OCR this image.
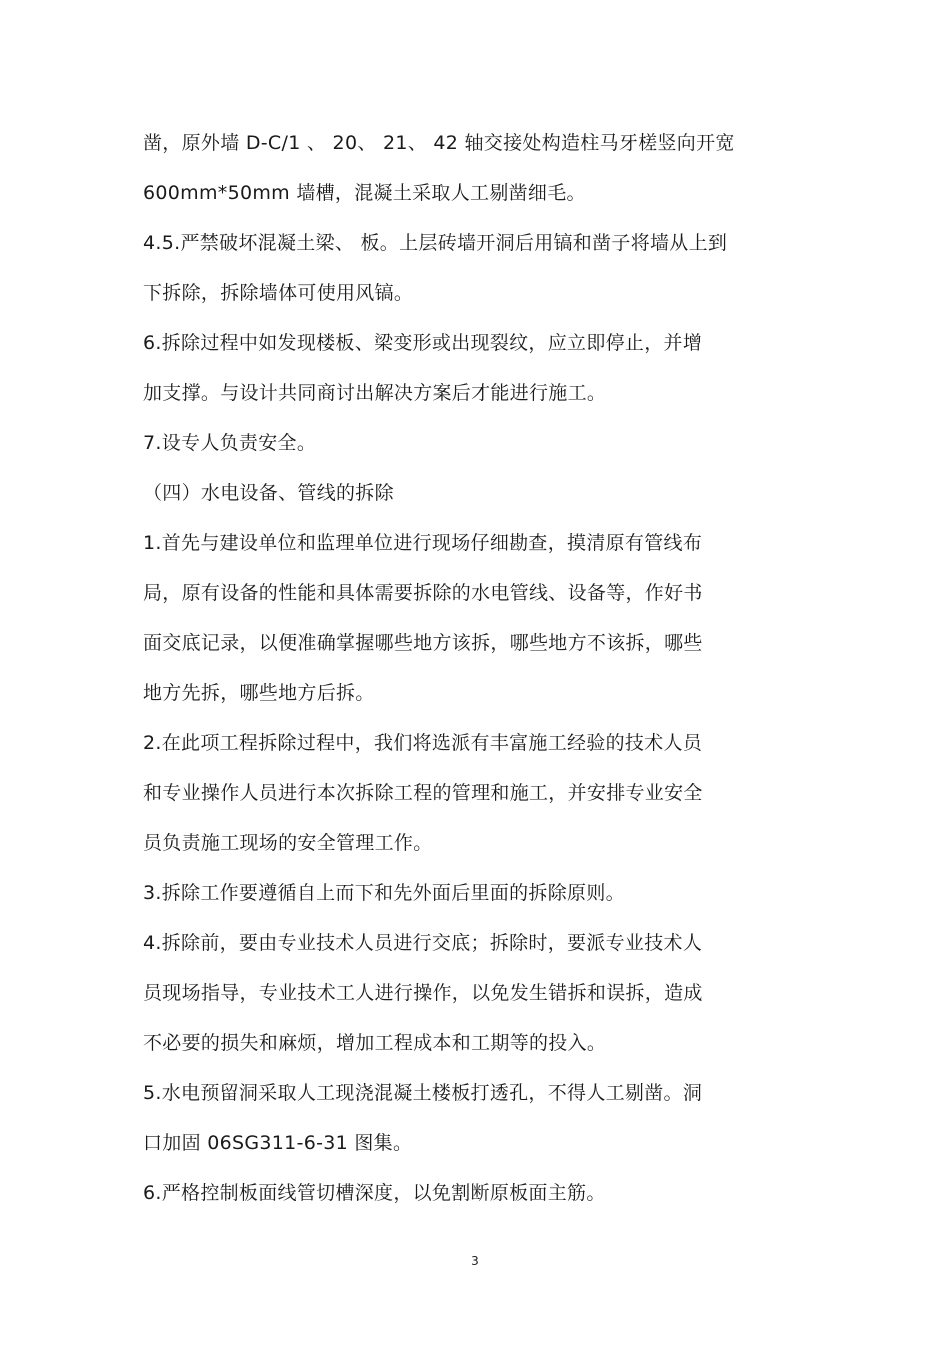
凿，原外墙 D-C/1 、 20、 21、 42 轴交接处构造柱马牙槎竖向开宽
600mm*50mm 墙槽，混凝土采取人工剔凿细毛。
4.5.严禁破坏混凝土梁、 板。上层砖墙开洞后用镐和凿子将墙从上到
下拆除，拆除墙体可使用风镐。
6.拆除过程中如发现楼板、梁变形或出现裂纹，应立即停止，并增
加支撑。与设计共同商讨出解决方案后才能进行施工。
7.设专人负责安全。
（四）水电设备、管线的拆除
1.首先与建设单位和监理单位进行现场仔细勘查，摸清原有管线布
局，原有设备的性能和具体需要拆除的水电管线、设备等，作好书
面交底记录，以便准确掌握哪些地方该拆，哪些地方不该拆，哪些
地方先拆，哪些地方后拆。
2.在此项工程拆除过程中，我们将选派有丰富施工经验的技术人员
和专业操作人员进行本次拆除工程的管理和施工，并安排专业安全
员负责施工现场的安全管理工作。
3.拆除工作要遵循自上而下和先外面后里面的拆除原则。
4.拆除前，要由专业技术人员进行交底；拆除时，要派专业技术人
员现场指导，专业技术工人进行操作，以免发生错拆和误拆，造成
不必要的损失和麻烦，增加工程成本和工期等的投入。
5.水电预留洞采取人工现浇混凝土楼板打透孔，不得人工剔凿。洞
口加固 06SG311-6-31 图集。
6.严格控制板面线管切槽深度，以免割断原板面主筋。
3
